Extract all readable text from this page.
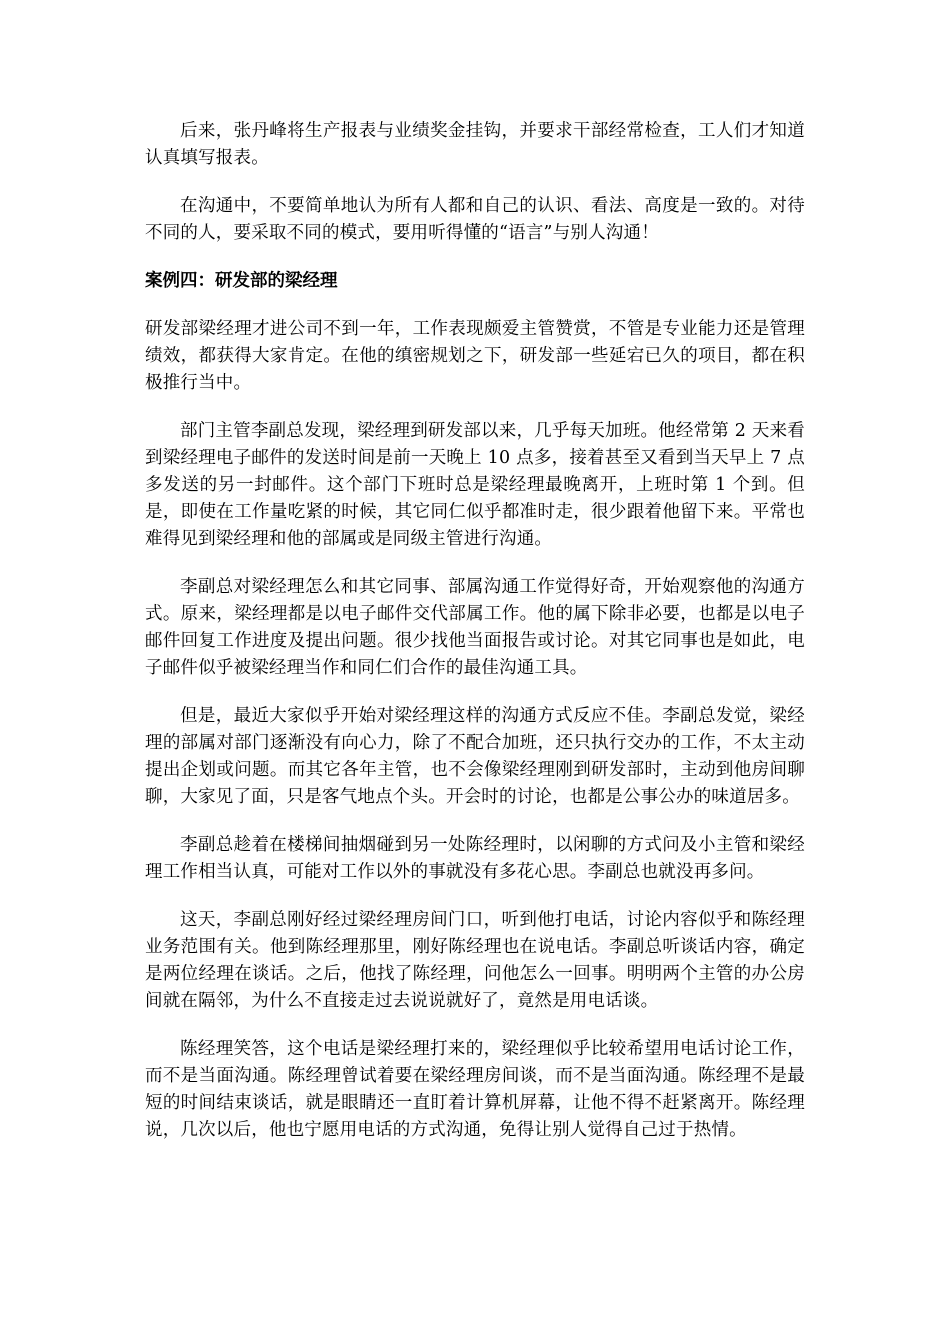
后来，张丹峰将生产报表与业绩奖金挂钩，并要求干部经常检查，工人们才知道认真填写报表。

在沟通中，不要简单地认为所有人都和自己的认识、看法、高度是一致的。对待不同的人，要采取不同的模式，要用听得懂的“语言”与别人沟通！

案例四：研发部的梁经理

研发部梁经理才进公司不到一年，工作表现颇爱主管赞赏，不管是专业能力还是管理绩效，都获得大家肯定。在他的缜密规划之下，研发部一些延宕已久的项目，都在积极推行当中。

部门主管李副总发现，梁经理到研发部以来，几乎每天加班。他经常第 2 天来看到梁经理电子邮件的发送时间是前一天晚上 10 点多，接着甚至又看到当天早上 7 点多发送的另一封邮件。这个部门下班时总是梁经理最晚离开，上班时第 1 个到。但是，即使在工作量吃紧的时候，其它同仁似乎都准时走，很少跟着他留下来。平常也难得见到梁经理和他的部属或是同级主管进行沟通。

李副总对梁经理怎么和其它同事、部属沟通工作觉得好奇，开始观察他的沟通方式。原来，梁经理都是以电子邮件交代部属工作。他的属下除非必要，也都是以电子邮件回复工作进度及提出问题。很少找他当面报告或讨论。对其它同事也是如此，电子邮件似乎被梁经理当作和同仁们合作的最佳沟通工具。

但是，最近大家似乎开始对梁经理这样的沟通方式反应不佳。李副总发觉，梁经理的部属对部门逐渐没有向心力，除了不配合加班，还只执行交办的工作，不太主动提出企划或问题。而其它各年主管，也不会像梁经理刚到研发部时，主动到他房间聊聊，大家见了面，只是客气地点个头。开会时的讨论，也都是公事公办的味道居多。

李副总趁着在楼梯间抽烟碰到另一处陈经理时，以闲聊的方式问及小主管和梁经理工作相当认真，可能对工作以外的事就没有多花心思。李副总也就没再多问。

这天，李副总刚好经过梁经理房间门口，听到他打电话，讨论内容似乎和陈经理业务范围有关。他到陈经理那里，刚好陈经理也在说电话。李副总听谈话内容，确定是两位经理在谈话。之后，他找了陈经理，问他怎么一回事。明明两个主管的办公房间就在隔邻，为什么不直接走过去说说就好了，竟然是用电话谈。

陈经理笑答，这个电话是梁经理打来的，梁经理似乎比较希望用电话讨论工作，而不是当面沟通。陈经理曾试着要在梁经理房间谈，而不是当面沟通。陈经理不是最短的时间结束谈话，就是眼睛还一直盯着计算机屏幕，让他不得不赶紧离开。陈经理说，几次以后，他也宁愿用电话的方式沟通，免得让别人觉得自己过于热情。
